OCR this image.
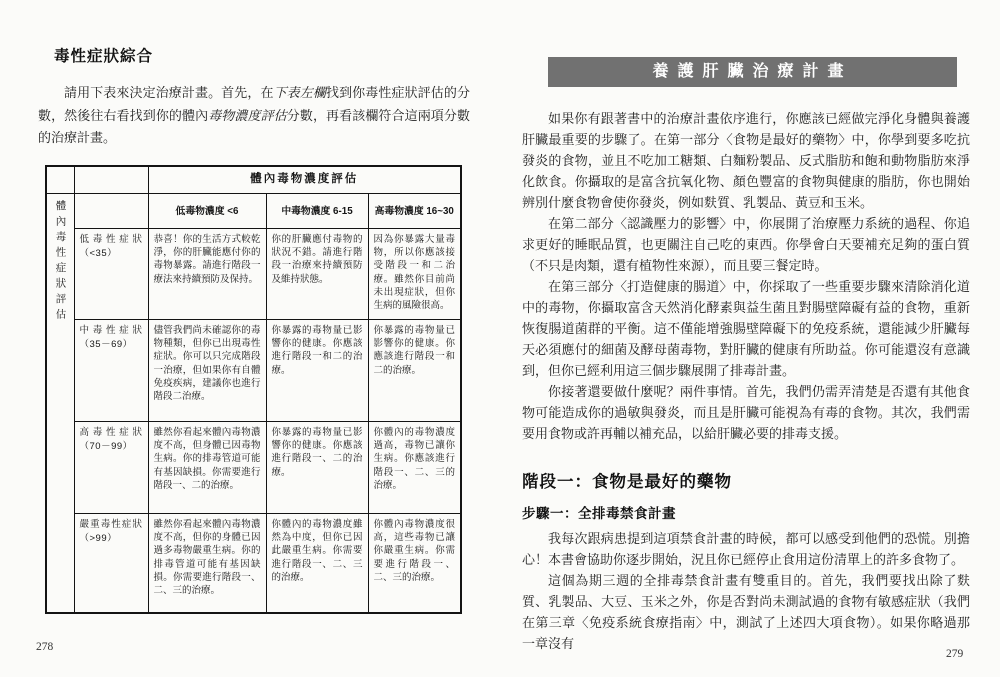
毒性症狀綜合

請用下表來決定治療計畫。首先，在下表左欄找到你毒性症狀評估的分數，然後往右看找到你的體內毒物濃度評估分數，再看該欄符合這兩項分數的治療計畫。

		體內毒物濃度評估		

體內毒性症狀評估		低毒物濃度 <6	中毒物濃度 6-15	高毒物濃度 16~30
	低毒性症狀（<35）	恭喜！你的生活方式較乾淨，你的肝臟能應付你的毒物暴露。請進行階段一療法來持續預防及保持。	你的肝臟應付毒物的狀況不錯。請進行階段一治療來持續預防及維持狀態。	因為你暴露大量毒物，所以你應該接受階段一和二治療。雖然你目前尚未出現症狀，但你生病的風險很高。
	中毒性症狀（35－69）	儘管我們尚未確認你的毒物種類，但你已出現毒性症狀。你可以只完成階段一治療，但如果你有自體免疫疾病，建議你也進行階段二治療。	你暴露的毒物量已影響你的健康。你應該進行階段一和二的治療。	你暴露的毒物量已影響你的健康。你應該進行階段一和二的治療。
	高毒性症狀（70－99）	雖然你看起來體內毒物濃度不高，但身體已因毒物生病。你的排毒管道可能有基因缺損。你需要進行階段一、二的治療。	你暴露的毒物量已影響你的健康。你應該進行階段一、二的治療。	你體內的毒物濃度過高，毒物已讓你生病。你應該進行階段一、二、三的治療。
	嚴重毒性症狀（>99）	雖然你看起來體內毒物濃度不高，但你的身體已因過多毒物嚴重生病。你的排毒管道可能有基因缺損。你需要進行階段一、二、三的治療。	你體內的毒物濃度雖然為中度，但你已因此嚴重生病。你需要進行階段一、二、三的治療。	你體內毒物濃度很高，這些毒物已讓你嚴重生病。你需要進行階段一、二、三的治療。
養護肝臟治療計畫

如果你有跟著書中的治療計畫依序進行，你應該已經做完淨化身體與養護肝臟最重要的步驟了。在第一部分〈食物是最好的藥物〉中，你學到要多吃抗發炎的食物，並且不吃加工糖類、白麵粉製品、反式脂肪和飽和動物脂肪來淨化飲食。你攝取的是富含抗氧化物、顏色豐富的食物與健康的脂肪，你也開始辨別什麼食物會使你發炎，例如麩質、乳製品、黃豆和玉米。

在第二部分〈認識壓力的影響〉中，你展開了治療壓力系統的過程、你追求更好的睡眠品質，也更關注自己吃的東西。你學會白天要補充足夠的蛋白質（不只是肉類，還有植物性來源），而且要三餐定時。

在第三部分〈打造健康的腸道〉中，你採取了一些重要步驟來清除消化道中的毒物，你攝取富含天然消化酵素與益生菌且對腸壁障礙有益的食物，重新恢復腸道菌群的平衡。這不僅能增強腸壁障礙下的免疫系統，還能減少肝臟每天必須應付的細菌及酵母菌毒物，對肝臟的健康有所助益。你可能還沒有意識到，但你已經利用這三個步驟展開了排毒計畫。

你接著還要做什麼呢？兩件事情。首先，我們仍需弄清楚是否還有其他食物可能造成你的過敏與發炎，而且是肝臟可能視為有毒的食物。其次，我們需要用食物或許再輔以補充品，以給肝臟必要的排毒支援。

階段一：食物是最好的藥物
步驟一：全排毒禁食計畫

我每次跟病患提到這項禁食計畫的時候，都可以感受到他們的恐慌。別擔心！本書會協助你逐步開始，況且你已經停止食用這份清單上的許多食物了。

這個為期三週的全排毒禁食計畫有雙重目的。首先，我們要找出除了麩質、乳製品、大豆、玉米之外，你是否對尚未測試過的食物有敏感症狀（我們在第三章〈免疫系統食療指南〉中，測試了上述四大項食物）。如果你略過那一章沒有

278
279
